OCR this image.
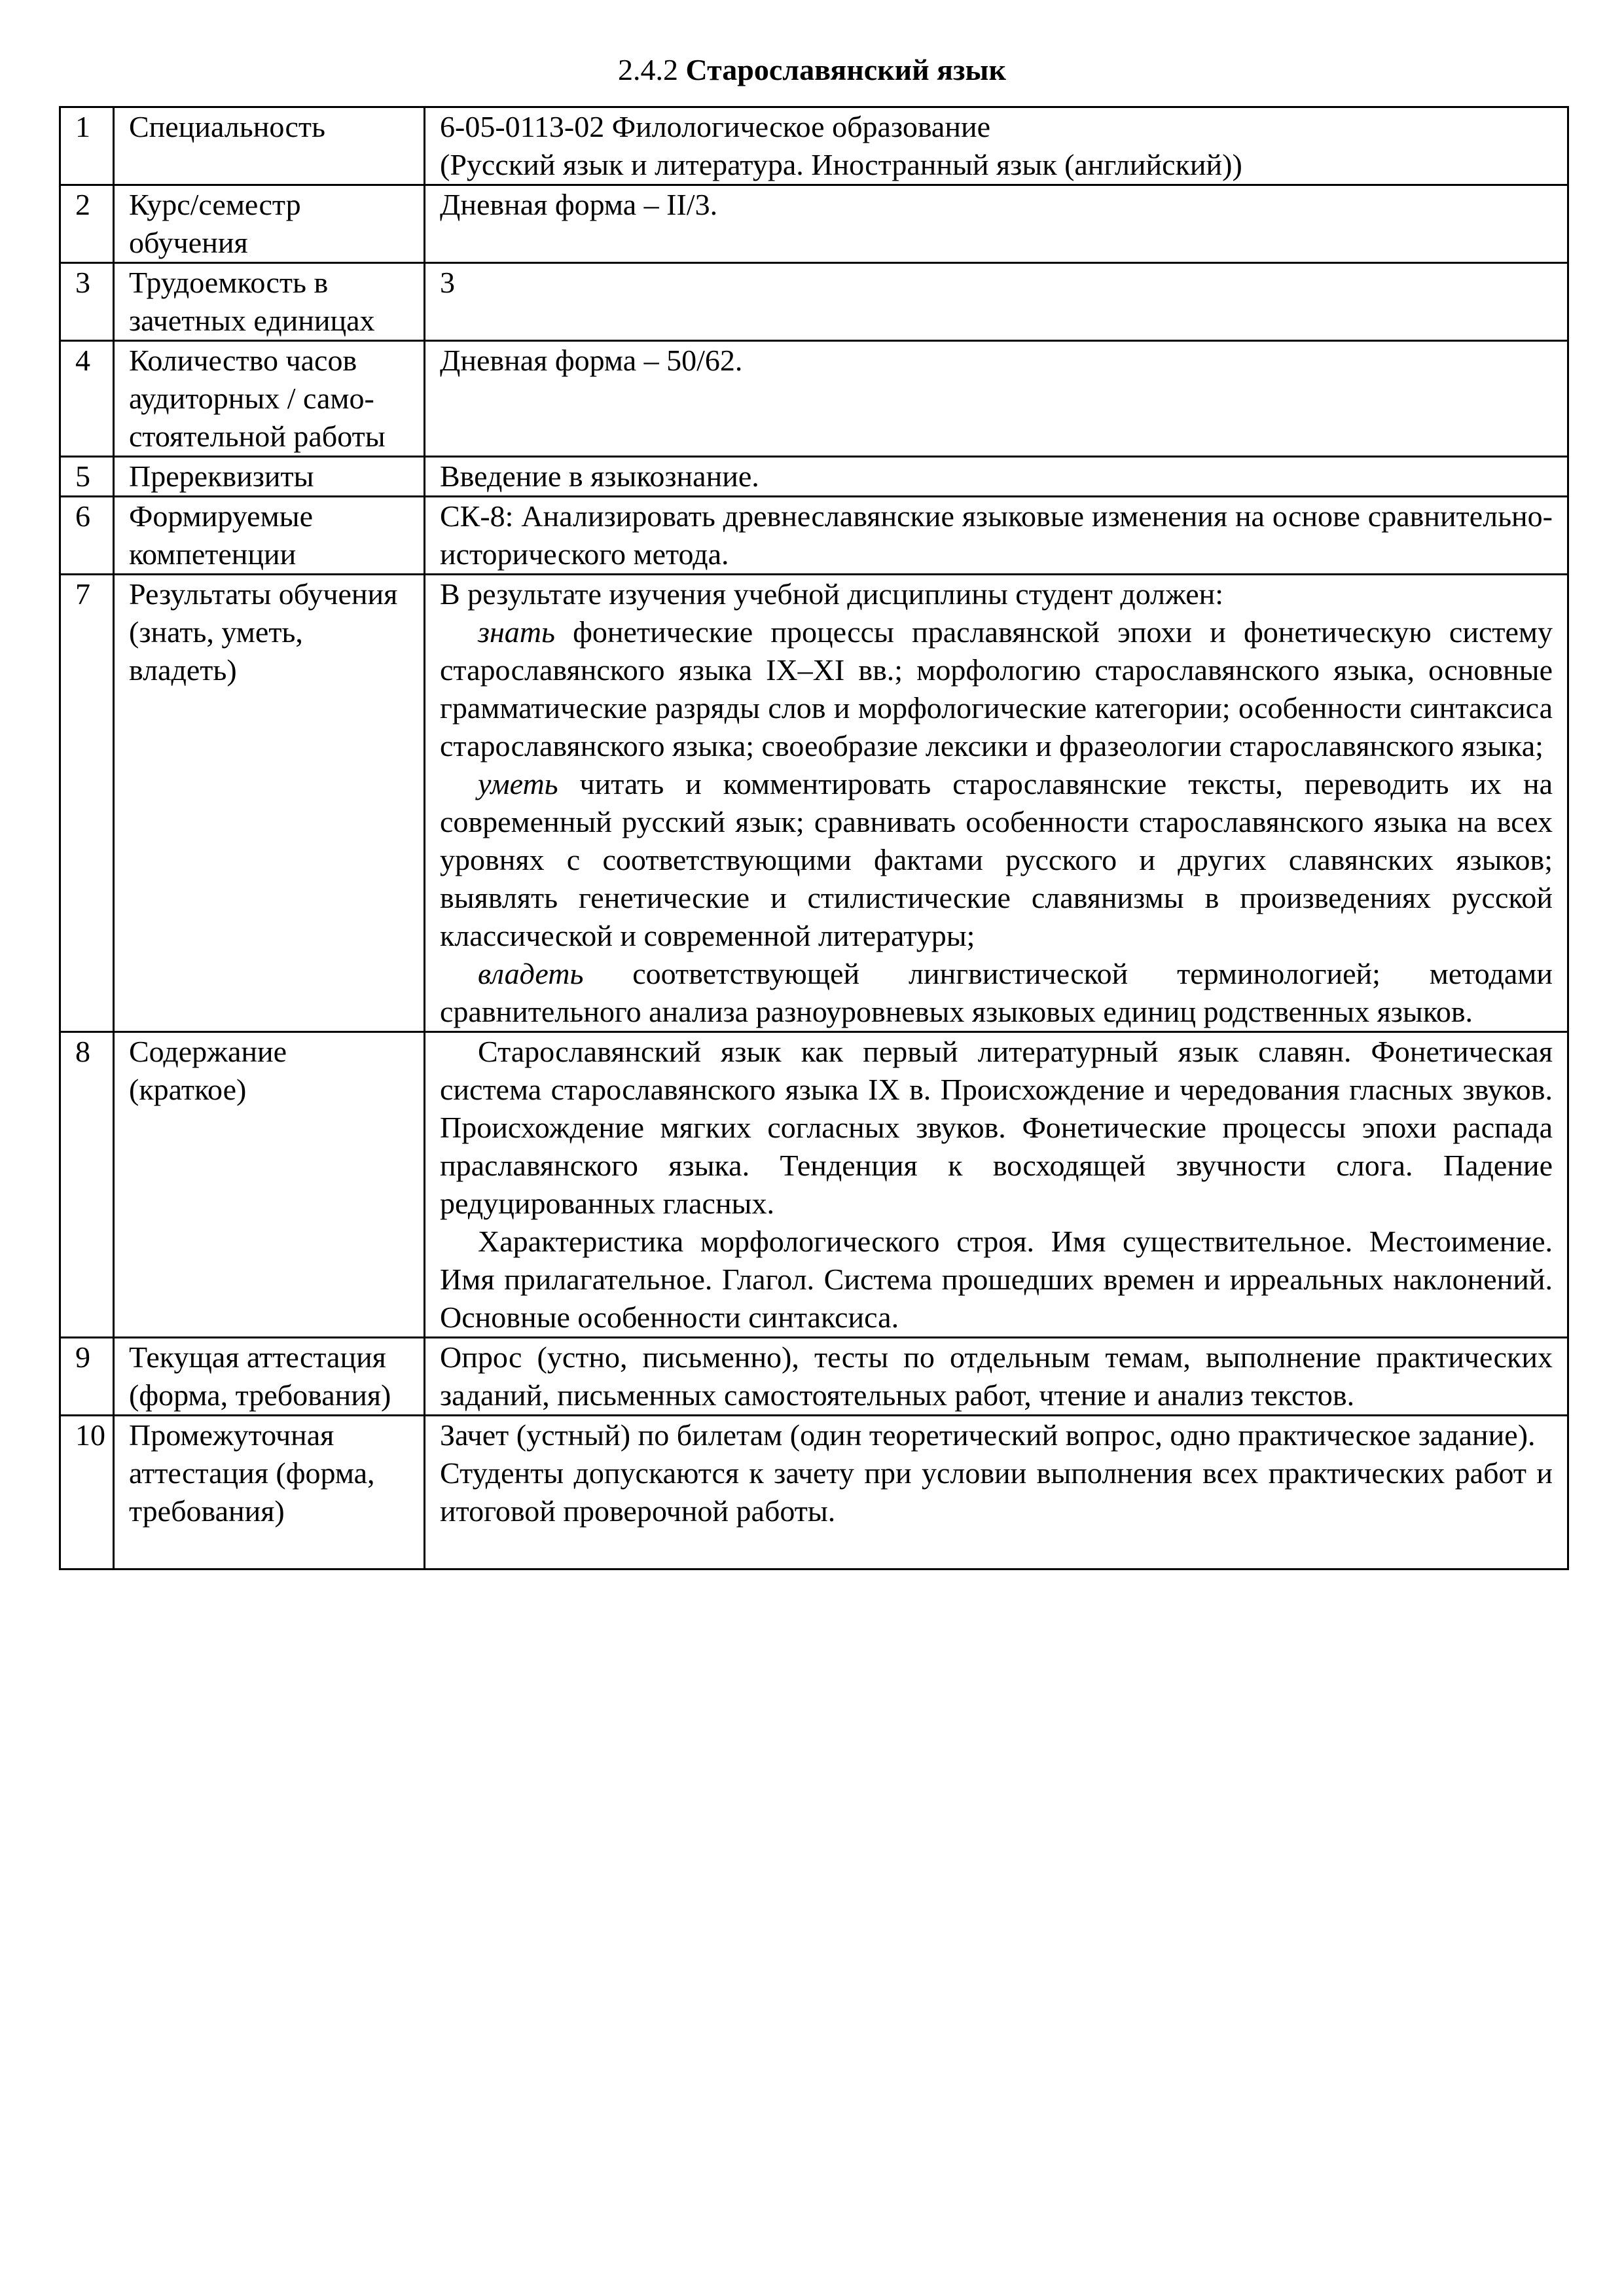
2.4.2 Старославянский язык
1	Специальность	6-05-0113-02 Филологическое образование
(Русский язык и литература. Иностранный язык (английский))

2	Курс/семестр обучения	Дневная форма – II/3.

3	Трудоемкость в зачетных единицах	3

4	Количество часов аудиторных / само-стоятельной работы	Дневная форма – 50/62.

5	Пререквизиты	Введение в языкознание.

6	Формируемые компетенции	СК-8: Анализировать древнеславянские языковые изменения на основе сравнительно-исторического метода.

7	Результаты обучения (знать, уметь, владеть)	В результате изучения учебной дисциплины студент должен:
знать фонетические процессы праславянской эпохи и фонетическую систему старославянского языка IX–XI вв.; морфологию старославянского языка, основные грамматические разряды слов и морфологические категории; особенности синтаксиса старославянского языка; своеобразие лексики и фразеологии старославянского языка;
уметь читать и комментировать старославянские тексты, переводить их на современный русский язык; сравнивать особенности старославянского языка на всех уровнях с соответствующими фактами русского и других славянских языков; выявлять генетические и стилистические славянизмы в произведениях русской классической и современной литературы;
владеть соответствующей лингвистической терминологией; методами сравнительного анализа разноуровневых языковых единиц родственных языков.

8	Содержание (краткое)	Старославянский язык как первый литературный язык славян. Фонетическая система старославянского языка IX в. Происхождение и чередования гласных звуков. Происхождение мягких согласных звуков. Фонетические процессы эпохи распада праславянского языка. Тенденция к восходящей звучности слога. Падение редуцированных гласных.
Характеристика морфологического строя. Имя существительное. Местоимение. Имя прилагательное. Глагол. Система прошедших времен и ирреальных наклонений. Основные особенности синтаксиса.

9	Текущая аттестация (форма, требования)	Опрос (устно, письменно), тесты по отдельным темам, выполнение практических заданий, письменных самостоятельных работ, чтение и анализ текстов.

10	Промежуточная аттестация (форма, требования)	Зачет (устный) по билетам (один теоретический вопрос, одно практическое задание).
Студенты допускаются к зачету при условии выполнения всех практических работ и итоговой проверочной работы.
